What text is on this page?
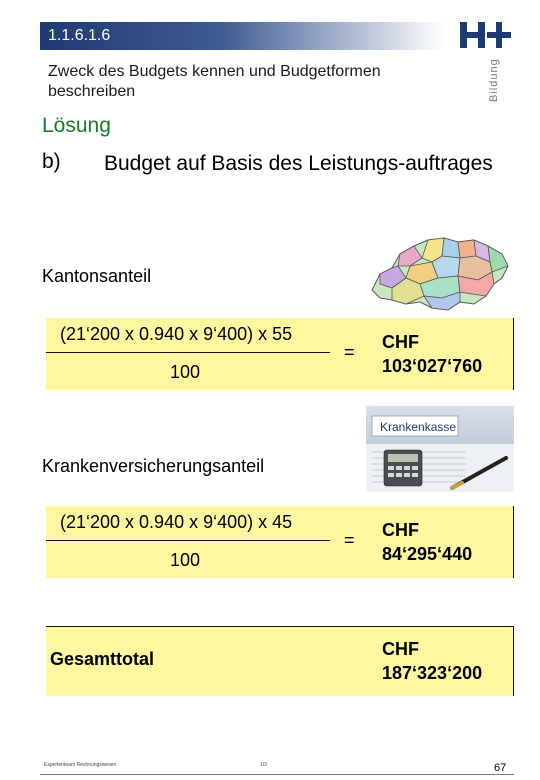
1.1.6.1.6
Bildung
Zweck des Budgets kennen und Budgetformen beschreiben
Lösung
b) Budget auf Basis des Leistungs-auftrages
Kantonsanteil
(21‘200 x 0.940 x 9‘400) x 55
100
= CHF
103‘027‘760
Krankenkasse
Krankenversicherungsanteil
(21‘200 x 0.940 x 9‘400) x 45
100
= CHF
84‘295‘440
Gesamttotal	CHF
187‘323‘200
Expertenteam Rechnungswesen	1/3	67
